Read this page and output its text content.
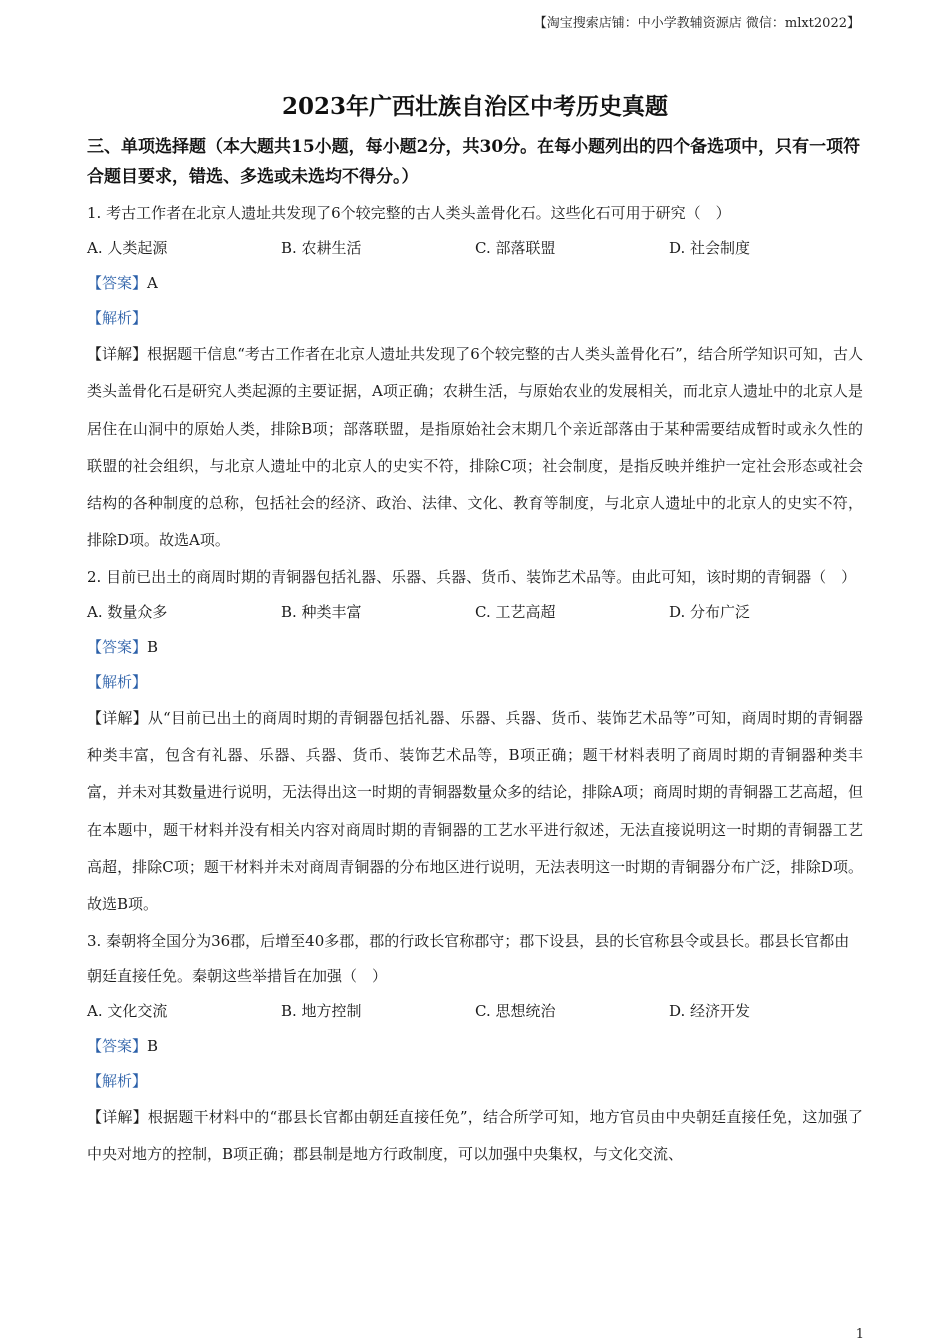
【淘宝搜索店铺：中小学教辅资源店 微信：mlxt2022】
2023年广西壮族自治区中考历史真题
三、单项选择题（本大题共15小题，每小题2分，共30分。在每小题列出的四个备选项中，只有一项符合题目要求，错选、多选或未选均不得分。）
1. 考古工作者在北京人遗址共发现了6个较完整的古人类头盖骨化石。这些化石可用于研究（　）
A. 人类起源	B. 农耕生活	C. 部落联盟	D. 社会制度
【答案】A
【解析】
【详解】根据题干信息“考古工作者在北京人遗址共发现了6个较完整的古人类头盖骨化石”，结合所学知识可知，古人类头盖骨化石是研究人类起源的主要证据，A项正确；农耕生活，与原始农业的发展相关，而北京人遗址中的北京人是居住在山洞中的原始人类，排除B项；部落联盟，是指原始社会末期几个亲近部落由于某种需要结成暂时或永久性的联盟的社会组织，与北京人遗址中的北京人的史实不符，排除C项；社会制度，是指反映并维护一定社会形态或社会结构的各种制度的总称，包括社会的经济、政治、法律、文化、教育等制度，与北京人遗址中的北京人的史实不符，排除D项。故选A项。
2. 目前已出土的商周时期的青铜器包括礼器、乐器、兵器、货币、装饰艺术品等。由此可知，该时期的青铜器（　）
A. 数量众多	B. 种类丰富	C. 工艺高超	D. 分布广泛
【答案】B
【解析】
【详解】从“目前已出土的商周时期的青铜器包括礼器、乐器、兵器、货币、装饰艺术品等”可知，商周时期的青铜器种类丰富，包含有礼器、乐器、兵器、货币、装饰艺术品等，B项正确；题干材料表明了商周时期的青铜器种类丰富，并未对其数量进行说明，无法得出这一时期的青铜器数量众多的结论，排除A项；商周时期的青铜器工艺高超，但在本题中，题干材料并没有相关内容对商周时期的青铜器的工艺水平进行叙述，无法直接说明这一时期的青铜器工艺高超，排除C项；题干材料并未对商周青铜器的分布地区进行说明，无法表明这一时期的青铜器分布广泛，排除D项。故选B项。
3. 秦朝将全国分为36郡，后增至40多郡，郡的行政长官称郡守；郡下设县，县的长官称县令或县长。郡县长官都由朝廷直接任免。秦朝这些举措旨在加强（　）
A. 文化交流	B. 地方控制	C. 思想统治	D. 经济开发
【答案】B
【解析】
【详解】根据题干材料中的“郡县长官都由朝廷直接任免”，结合所学可知，地方官员由中央朝廷直接任免，这加强了中央对地方的控制，B项正确；郡县制是地方行政制度，可以加强中央集权，与文化交流、
1
